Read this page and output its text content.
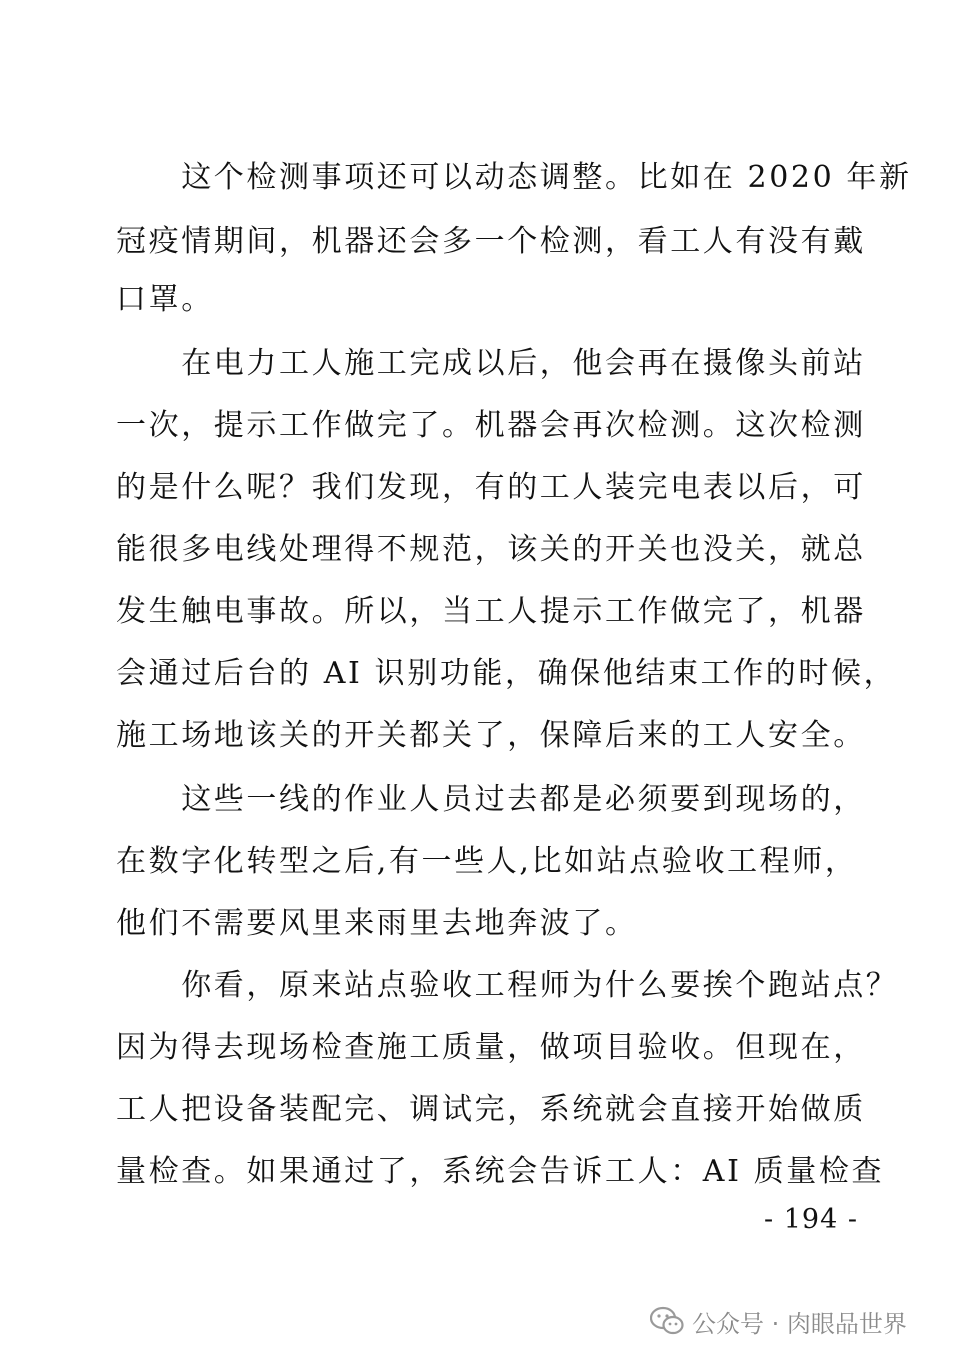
　　这个检测事项还可以动态调整。比如在 2020 年新
冠疫情期间，机器还会多一个检测，看工人有没有戴
口罩。
　　在电力工人施工完成以后，他会再在摄像头前站
一次，提示工作做完了。机器会再次检测。这次检测
的是什么呢？我们发现，有的工人装完电表以后，可
能很多电线处理得不规范，该关的开关也没关，就总
发生触电事故。所以，当工人提示工作做完了，机器
会通过后台的 AI 识别功能，确保他结束工作的时候，
施工场地该关的开关都关了，保障后来的工人安全。
　　这些一线的作业人员过去都是必须要到现场的，
在数字化转型之后,有一些人,比如站点验收工程师，
他们不需要风里来雨里去地奔波了。
　　你看，原来站点验收工程师为什么要挨个跑站点？
因为得去现场检查施工质量，做项目验收。但现在，
工人把设备装配完、调试完，系统就会直接开始做质
量检查。如果通过了，系统会告诉工人：AI 质量检查
- 194 -
公众号 · 肉眼品世界
